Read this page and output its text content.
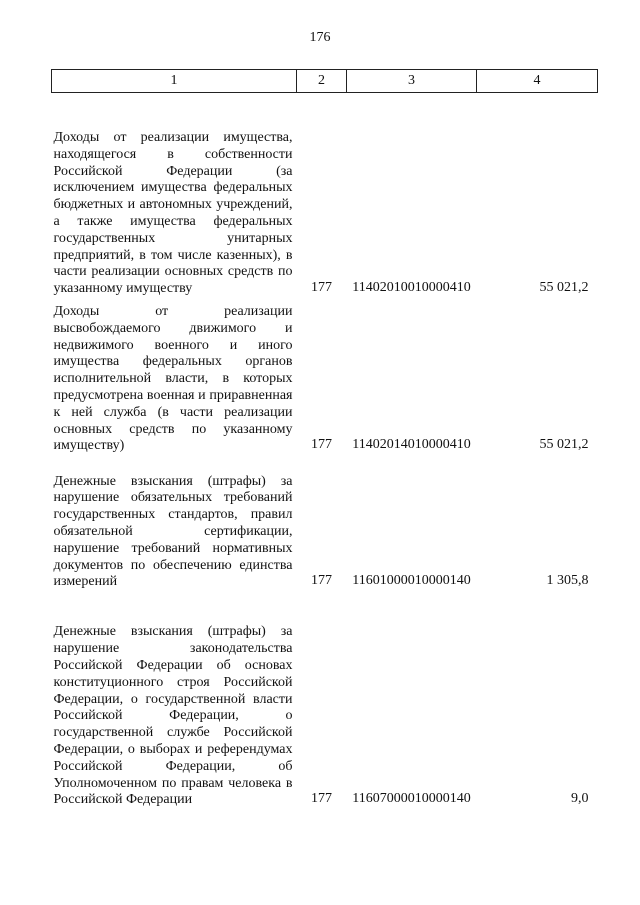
176
1	2	3	4
Доходы от реализации имущества, находящегося в собственности Российской Федерации (за исключением имущества федеральных бюджетных и автономных учреждений, а также имущества федеральных государственных унитарных предприятий, в том числе казенных), в части реализации основных средств по указанному имуществу	177	11402010010000410	55 021,2
Доходы от реализации высвобождаемого движимого и недвижимого военного и иного имущества федеральных органов исполнительной власти, в которых предусмотрена военная и приравненная к ней служба (в части реализации основных средств по указанному имуществу)	177	11402014010000410	55 021,2
Денежные взыскания (штрафы) за нарушение обязательных требований государственных стандартов, правил обязательной сертификации, нарушение требований нормативных документов по обеспечению единства измерений	177	11601000010000140	1 305,8
Денежные взыскания (штрафы) за нарушение законодательства Российской Федерации об основах конституционного строя Российской Федерации, о государственной власти Российской Федерации, о государственной службе Российской Федерации, о выборах и референдумах Российской Федерации, об Уполномоченном по правам человека в Российской Федерации	177	11607000010000140	9,0
